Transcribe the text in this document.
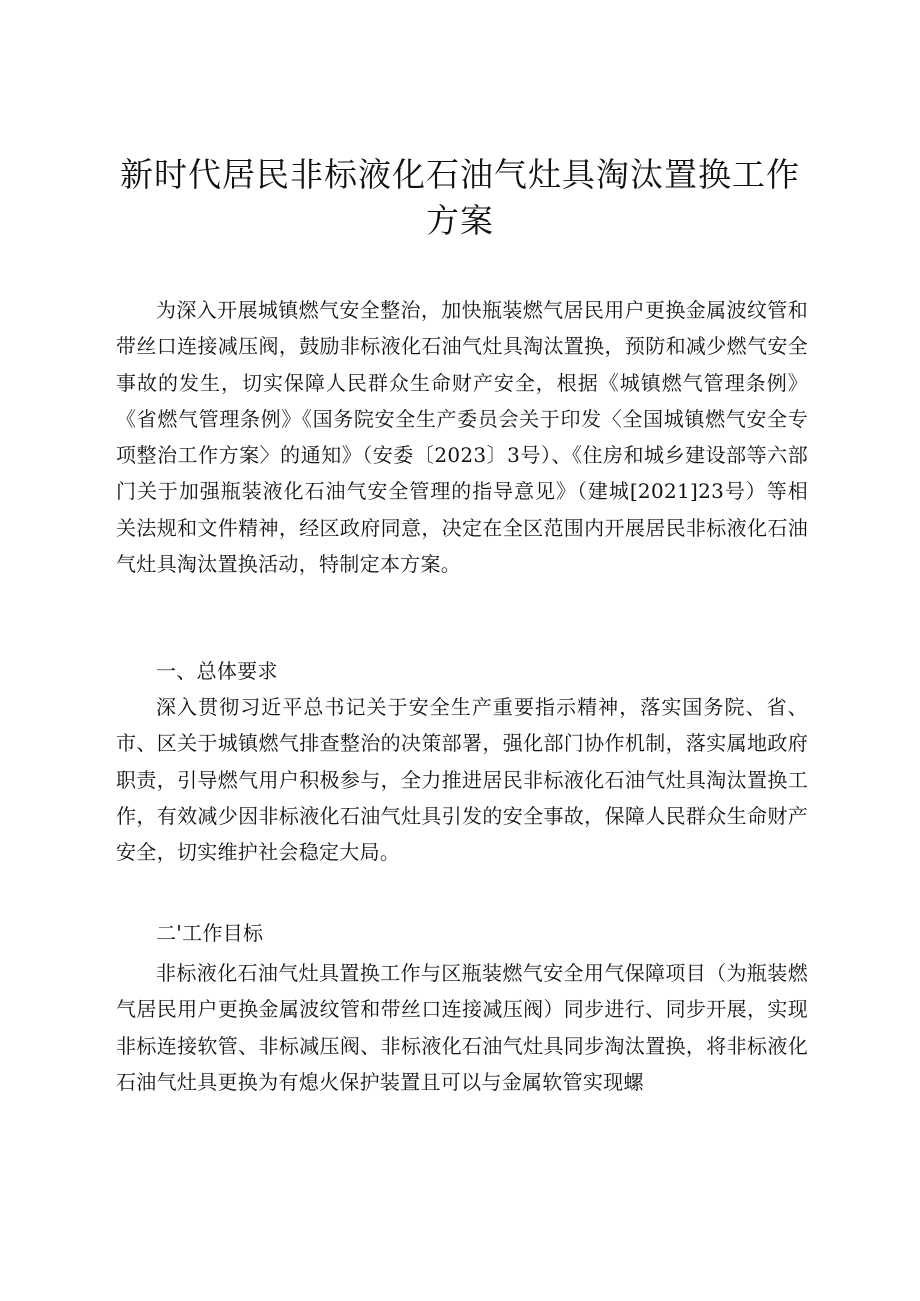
新时代居民非标液化石油气灶具淘汰置换工作
方案

为深入开展城镇燃气安全整治，加快瓶装燃气居民用户更换金属波纹管和带丝口连接减压阀，鼓励非标液化石油气灶具淘汰置换，预防和减少燃气安全事故的发生，切实保障人民群众生命财产安全，根据《城镇燃气管理条例》《省燃气管理条例》《国务院安全生产委员会关于印发〈全国城镇燃气安全专项整治工作方案〉的通知》（安委〔2023〕3号）、《住房和城乡建设部等六部门关于加强瓶装液化石油气安全管理的指导意见》（建城[2021]23号）等相关法规和文件精神，经区政府同意，决定在全区范围内开展居民非标液化石油气灶具淘汰置换活动，特制定本方案。

一、总体要求

深入贯彻习近平总书记关于安全生产重要指示精神，落实国务院、省、市、区关于城镇燃气排查整治的决策部署，强化部门协作机制，落实属地政府职责，引导燃气用户积极参与，全力推进居民非标液化石油气灶具淘汰置换工作，有效减少因非标液化石油气灶具引发的安全事故，保障人民群众生命财产安全，切实维护社会稳定大局。

二'工作目标

非标液化石油气灶具置换工作与区瓶装燃气安全用气保障项目（为瓶装燃气居民用户更换金属波纹管和带丝口连接减压阀）同步进行、同步开展，实现非标连接软管、非标减压阀、非标液化石油气灶具同步淘汰置换，将非标液化石油气灶具更换为有熄火保护装置且可以与金属软管实现螺
